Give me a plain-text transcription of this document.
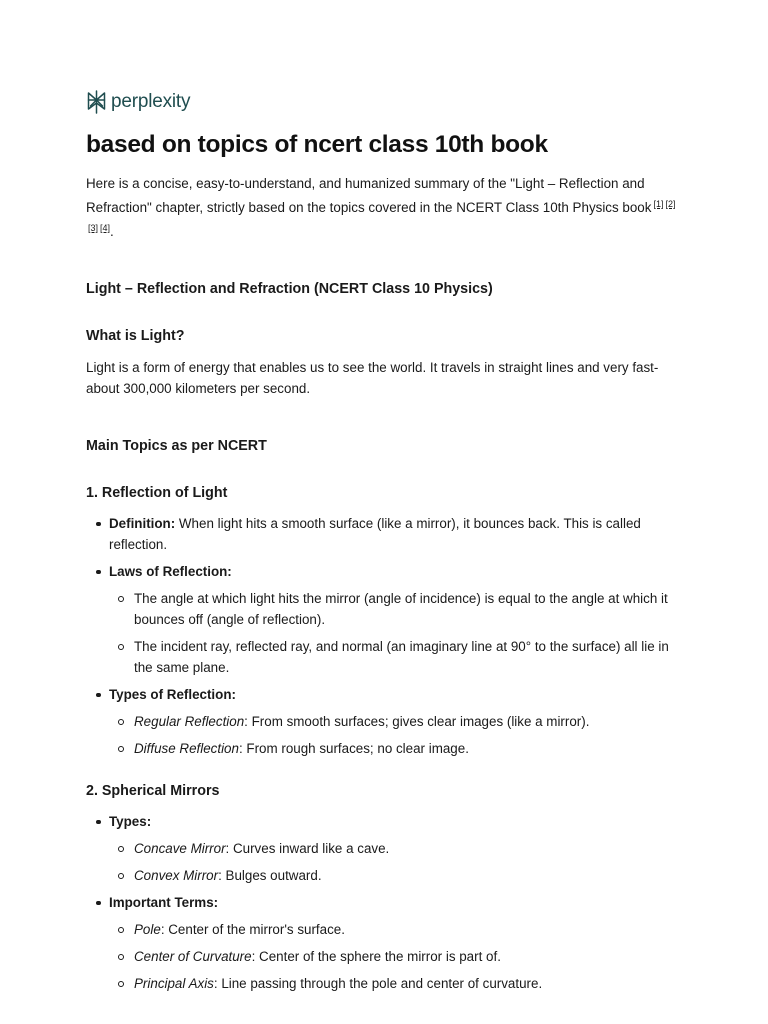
perplexity
based on topics of ncert class 10th book

Here is a concise, easy-to-understand, and humanized summary of the "Light – Reflection and Refraction" chapter, strictly based on the topics covered in the NCERT Class 10th Physics book [1] [2][3] [4].

Light – Reflection and Refraction (NCERT Class 10 Physics)
What is Light?

Light is a form of energy that enables us to see the world. It travels in straight lines and very fast-about 300,000 kilometers per second.

Main Topics as per NCERT
1. Reflection of Light
Definition: When light hits a smooth surface (like a mirror), it bounces back. This is called reflection.
Laws of Reflection:
The angle at which light hits the mirror (angle of incidence) is equal to the angle at which it bounces off (angle of reflection).
The incident ray, reflected ray, and normal (an imaginary line at 90° to the surface) all lie in the same plane.
Types of Reflection:
Regular Reflection: From smooth surfaces; gives clear images (like a mirror).
Diffuse Reflection: From rough surfaces; no clear image.
2. Spherical Mirrors
Types:
Concave Mirror: Curves inward like a cave.
Convex Mirror: Bulges outward.
Important Terms:
Pole: Center of the mirror's surface.
Center of Curvature: Center of the sphere the mirror is part of.
Principal Axis: Line passing through the pole and center of curvature.
